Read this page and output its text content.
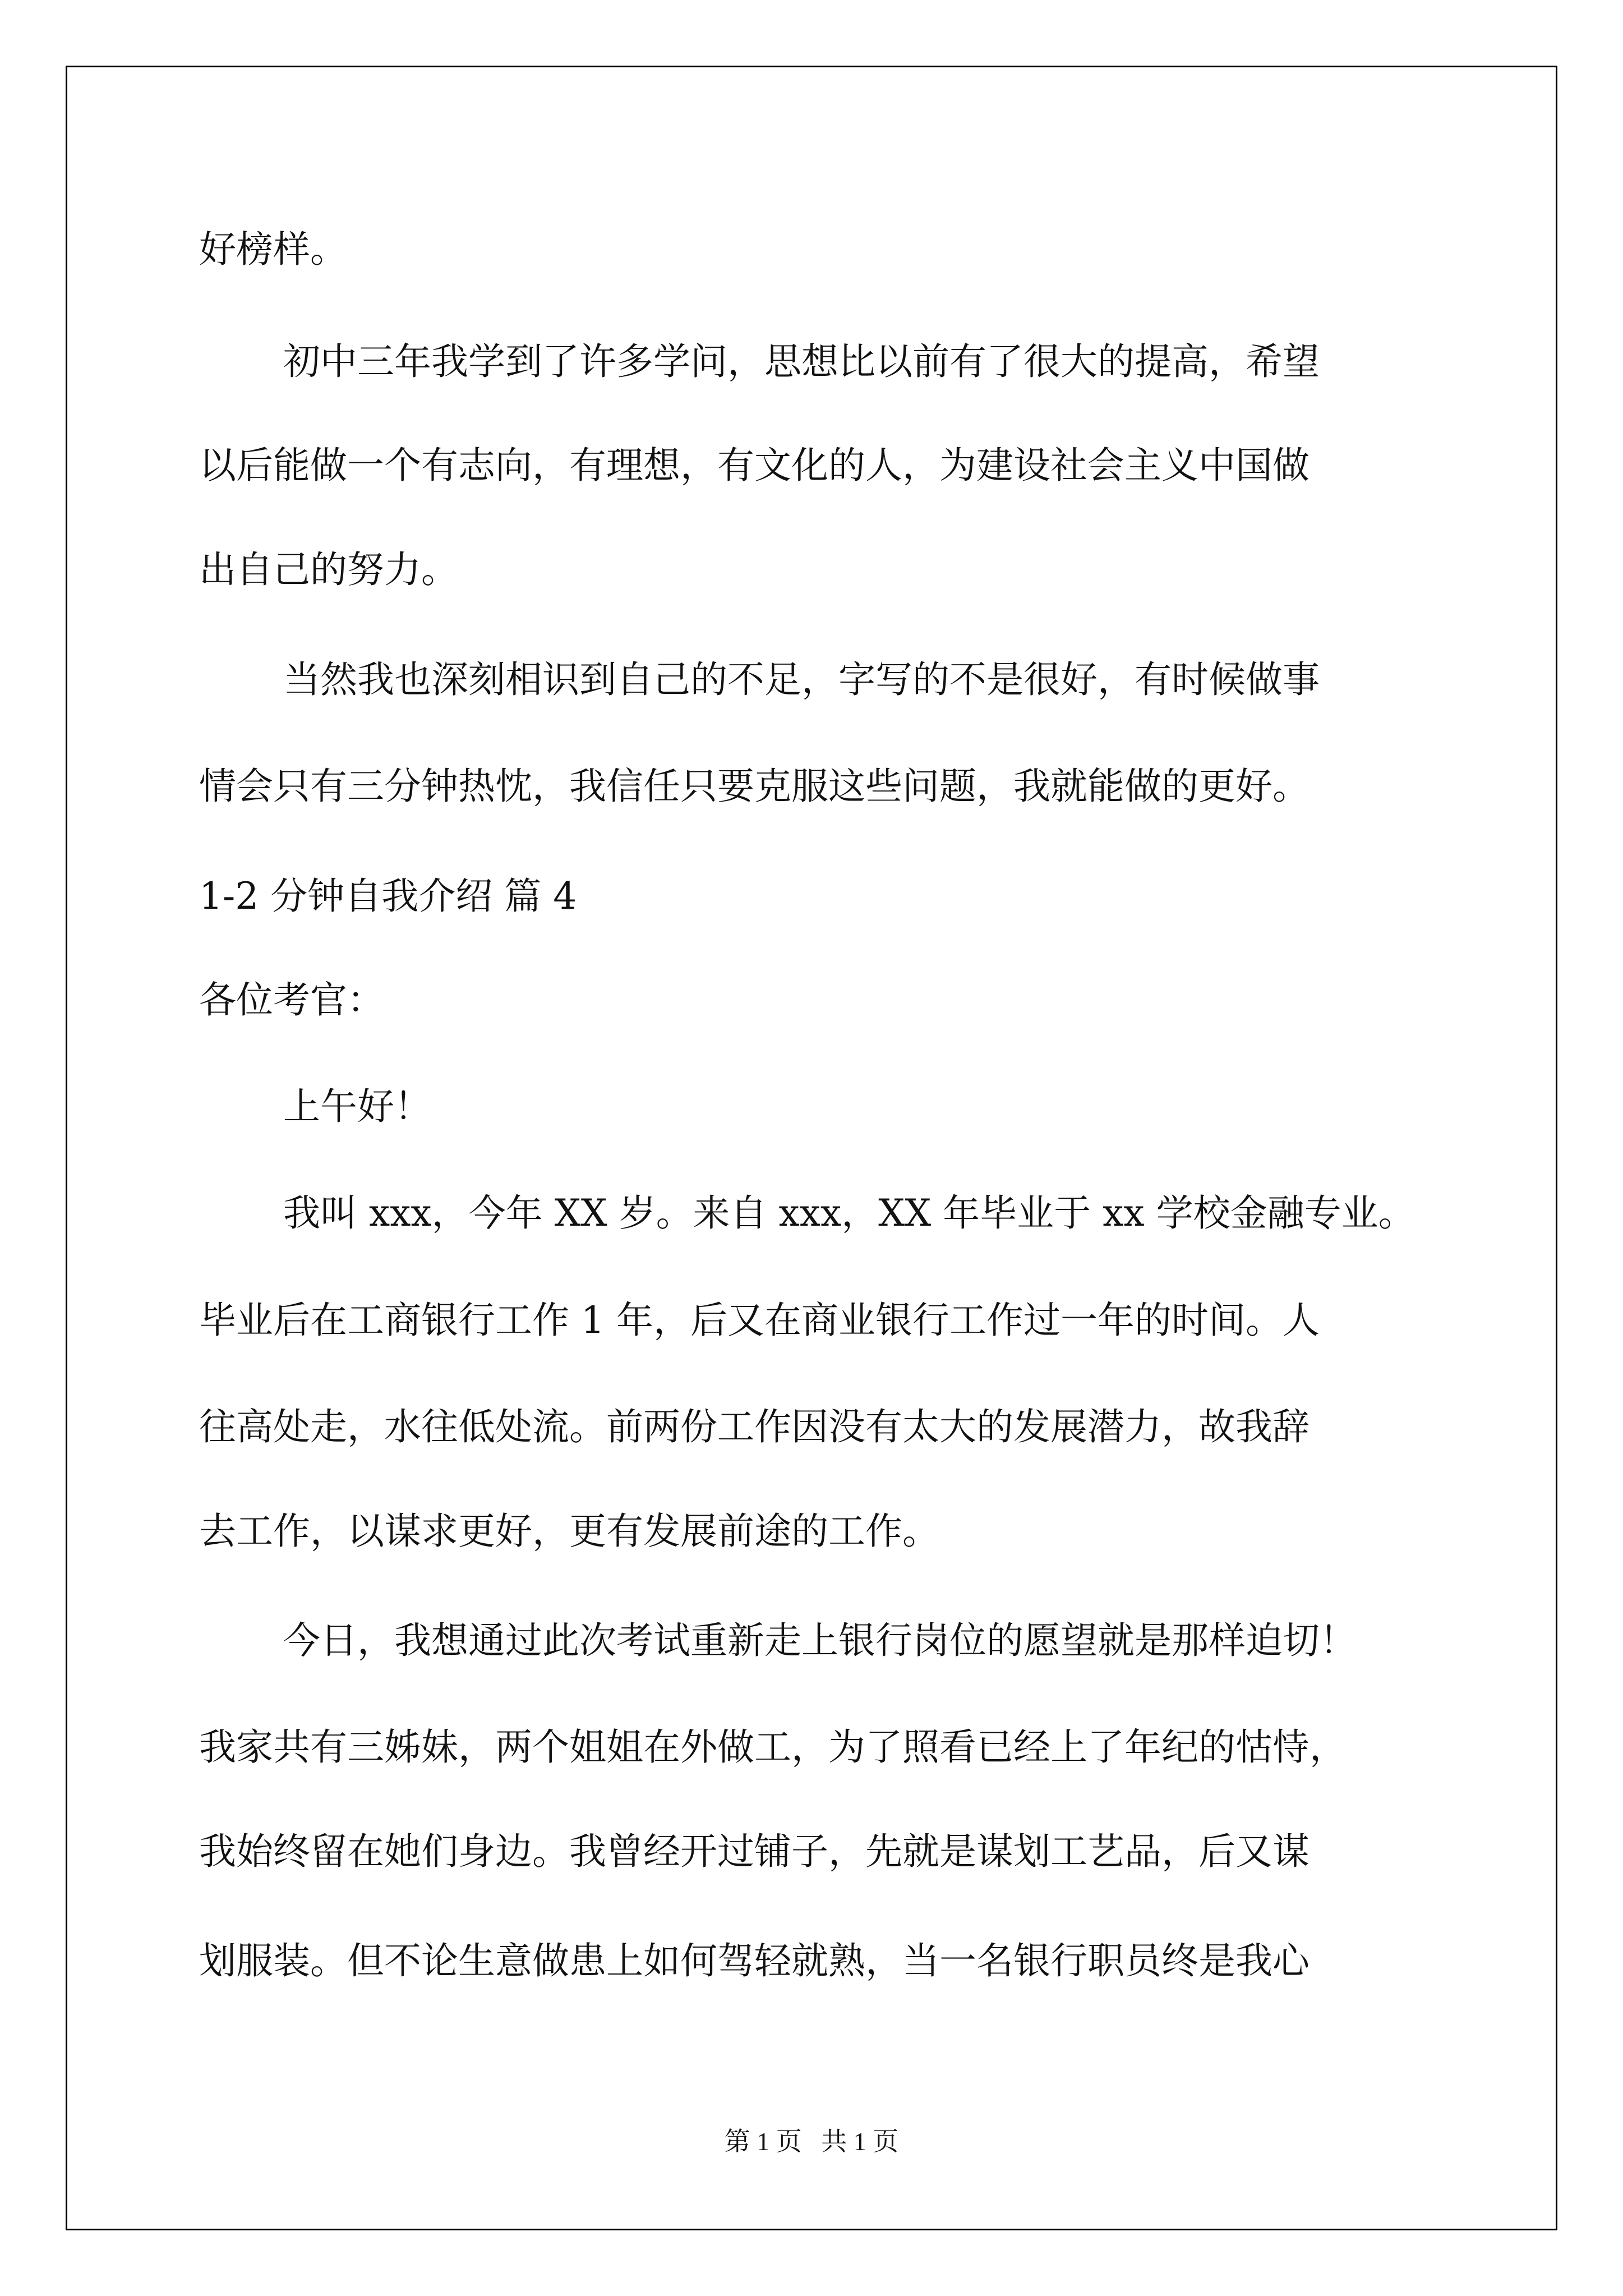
好榜样。

初中三年我学到了许多学问，思想比以前有了很大的提高，希望

以后能做一个有志向，有理想，有文化的人，为建设社会主义中国做

出自己的努力。

当然我也深刻相识到自己的不足，字写的不是很好，有时候做事

情会只有三分钟热忱，我信任只要克服这些问题，我就能做的更好。

1-2 分钟自我介绍 篇 4

各位考官：

上午好！

我叫 xxx，今年 XX 岁。来自 xxx，XX 年毕业于 xx 学校金融专业。

毕业后在工商银行工作 1 年，后又在商业银行工作过一年的时间。人

往高处走，水往低处流。前两份工作因没有太大的发展潜力，故我辞

去工作，以谋求更好，更有发展前途的工作。

今日，我想通过此次考试重新走上银行岗位的愿望就是那样迫切！

我家共有三姊妹，两个姐姐在外做工，为了照看已经上了年纪的怙恃，

我始终留在她们身边。我曾经开过铺子，先就是谋划工艺品，后又谋

划服装。但不论生意做患上如何驾轻就熟，当一名银行职员终是我心

第 1 页   共 1 页
